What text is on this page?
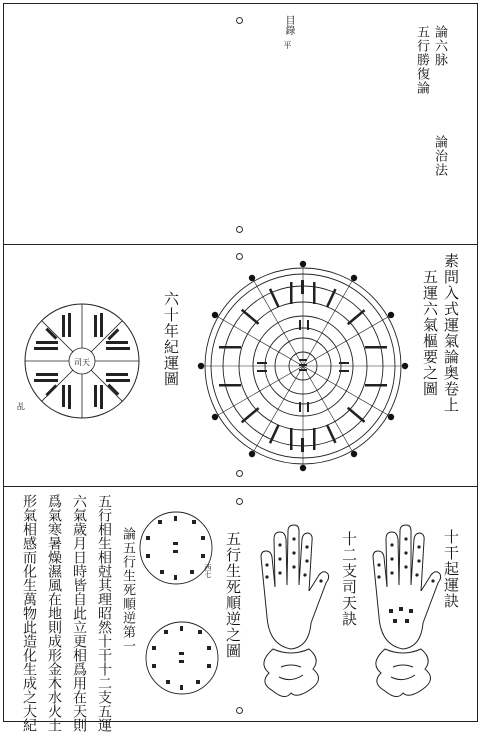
目錄
平	論六脉
五行勝復論
論治法
素問入式運氣論奥卷上
五運六氣樞要之圖
六十年紀運圖
乩
司天
十干起運訣
十二支司天訣
五行生死順逆之圖
西七
論五行生死順逆第一
五行相生相尅其理昭然十干十二支五運
六氣歲月日時皆自此立更相爲用在天則
爲氣寒暑燥濕風在地則成形金木水火土
形氣相感而化生萬物此造化生成之大紀
